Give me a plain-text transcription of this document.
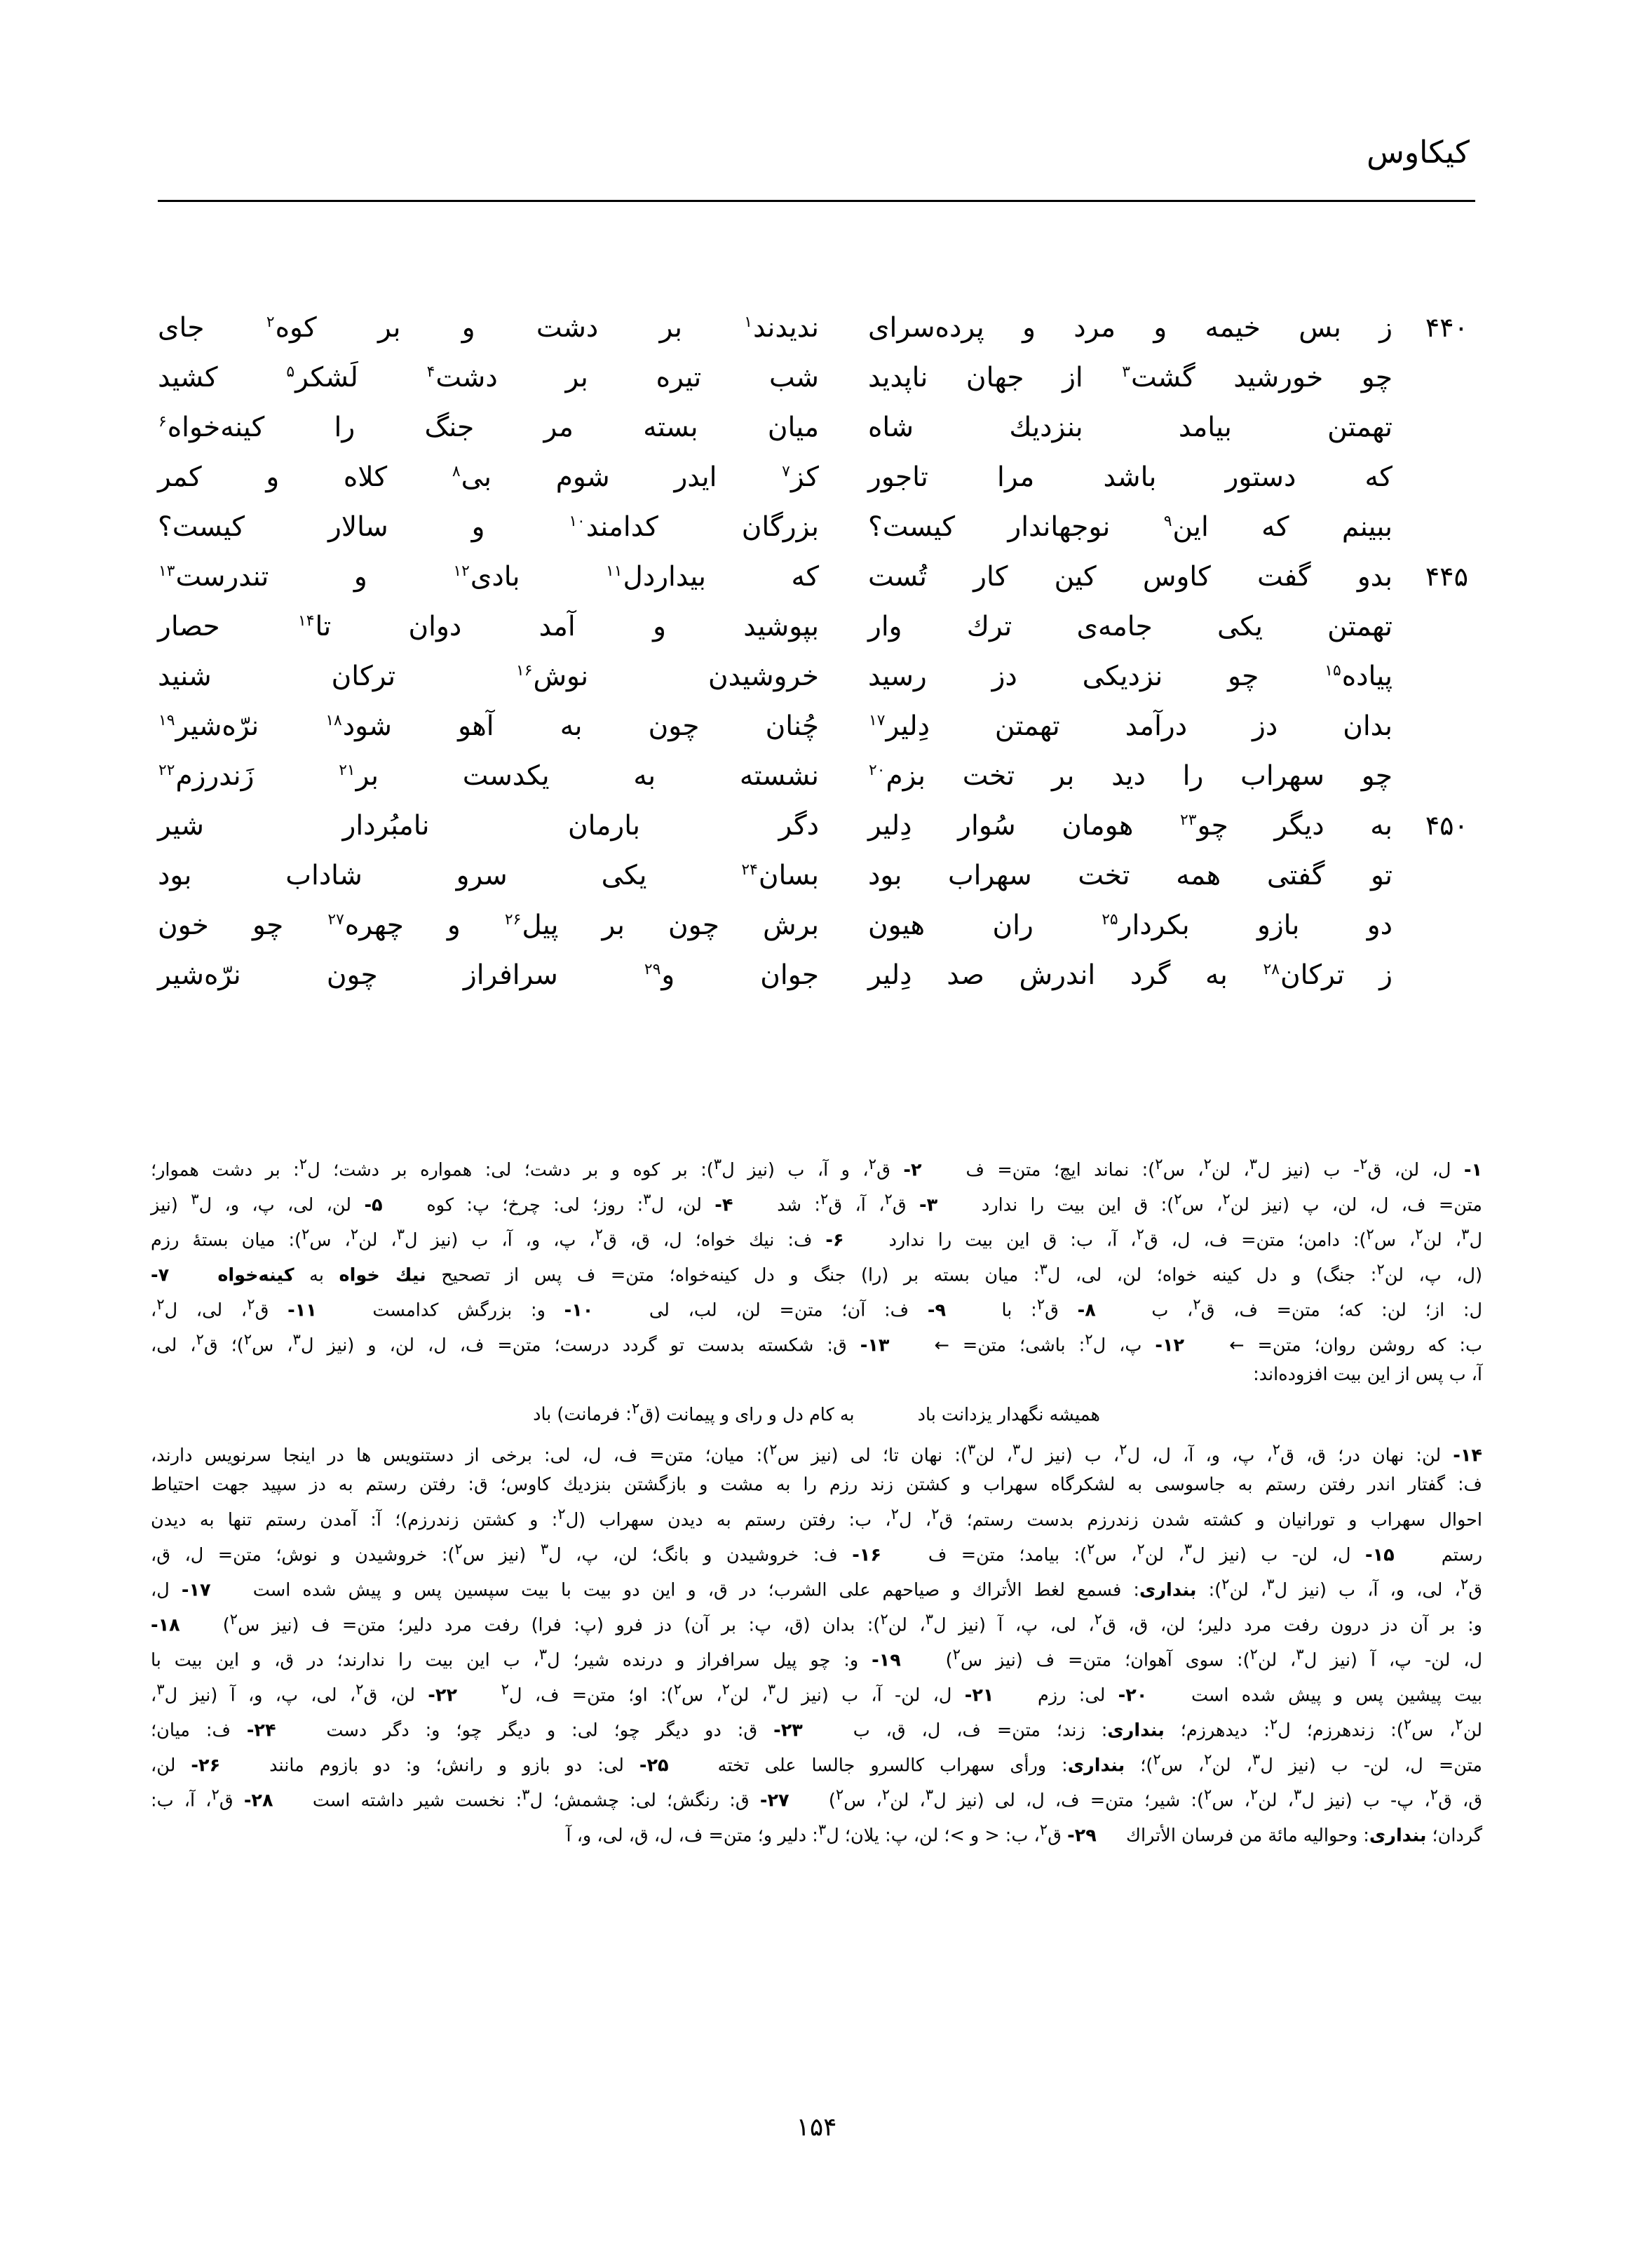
کیکاوس
۴۴۰
ز بس خیمه و مرد و پرده‌سرای
ندیدند$^۱$ بر دشت و بر کوه$^۲$ جای
چو خورشید گشت$^۳$ از جهان ناپدید
شب تیره بر دشت$^۴$ لَشکر$^۵$ کشید
تهمتن بیامد بنزدیك شاه
میان بسته مر جنگ را کینه‌خواه$^۶$
که دستور باشد مرا تاجور
کز$^۷$ ایدر شوم بی$^۸$ کلاه و کمر
ببینم که این$^۹$ نوجهاندار کیست؟
بزرگان کدامند$^{۱۰}$ و سالار کیست؟
۴۴۵
بدو گفت کاوس کین کار تُست
که بیداردل$^{۱۱}$ بادی$^{۱۲}$ و تندرست$^{۱۳}$
تهمتن یکی جامه‌ی ترك وار
بپوشید و آمد دوان تا$^{۱۴}$ حصار
پیاده$^{۱۵}$ چو نزدیکی دز رسید
خروشیدن نوش$^{۱۶}$ ترکان شنید
بدان دز درآمد تهمتن دِلیر$^{۱۷}$
چُنان چون به آهو شود$^{۱۸}$ نرّه‌شیر$^{۱۹}$
چو سهراب را دید بر تخت بزم$^{۲۰}$
نشسته به یکدست بر$^{۲۱}$ زَندرزم$^{۲۲}$
۴۵۰
به دیگر چو$^{۲۳}$ هومان سُوار دِلیر
دگر بارمان نامبُردار شیر
تو گفتی همه تخت سهراب بود
بسان$^{۲۴}$ یکی سرو شاداب بود
دو بازو بکردار$^{۲۵}$ ران هیون
برش چون بر پیل$^{۲۶}$ و چهره$^{۲۷}$ چو خون
ز ترکان$^{۲۸}$ به گرد اندرش صد دِلیر
جوان و$^{۲۹}$ سرافراز چون نرّه‌شیر
۱- ل، لن، ق$^۲$- ب (نیز ل$^۳$، لن$^۲$، س$^۲$): نماند ایچ؛ متن= ف  ۲- ق$^۲$، و آ، ب (نیز ل$^۳$): بر کوه و بر دشت؛ لی: همواره بر دشت؛ ل$^۲$: بر دشت هموار؛
متن= ف، ل، لن، پ (نیز لن$^۲$، س$^۲$): ق این بیت را ندارد  ۳- ق$^۲$، آ، ق$^۲$: شد  ۴- لن، ل$^۳$: روز؛ لی: چرخ؛ پ: کوه  ۵- لن، لی، پ، و، ل$^۳$ (نیز
ل$^۳$، لن$^۲$، س$^۲$): دامن؛ متن= ف، ل، ق$^۲$، آ، ب: ق این بیت را ندارد  ۶- ف: نیك خواه؛ ل، ق، ق$^۲$، پ، و، آ، ب (نیز ل$^۳$، لن$^۲$، س$^۲$): میان بستهٔ رزم
(ل، پ، لن$^۲$: جنگ) و دل کینه خواه؛ لن، لی، ل$^۳$: میان بسته بر (را) جنگ و دل کینه‌خواه؛ متن= ف پس از تصحیح نیك خواه به کینه‌خواه  ۷-
ل: از؛ لن: که؛ متن= ف، ق$^۲$، ب  ۸- ق$^۲$: با  ۹- ف: آن؛ متن= لن، لب، لی  ۱۰- و: بزرگش کدامست  ۱۱- ق$^۲$، لی، ل$^۲$،
ب: که روشن روان؛ متن= ←  ۱۲- پ، ل$^۲$: باشی؛ متن= ←  ۱۳- ق: شکسته بدست تو گردد درست؛ متن= ف، ل، لن، و (نیز ل$^۳$، س$^۲$)؛ ق$^۲$، لی،
آ، ب پس از این بیت افزوده‌اند:
همیشه نگهدار یزدانت بادبه کام دل و رای و پیمانت (ق$^۲$: فرمانت) باد
۱۴- لن: نهان در؛ ق، ق$^۲$، پ، و، آ، ل، ل$^۲$، ب (نیز ل$^۳$، لن$^۳$): نهان تا؛ لی (نیز س$^۲$): میان؛ متن= ف، ل، لی: برخی از دستنویس ها در اینجا سرنویس دارند،
ف: گفتار اندر رفتن رستم به جاسوسی به لشکرگاه سهراب و کشتن زند رزم را به مشت و بازگشتن بنزدیك کاوس؛ ق: رفتن رستم به دز سپید جهت احتیاط
احوال سهراب و تورانیان و کشته شدن زندرزم بدست رستم؛ ق$^۲$، ل$^۲$، ب: رفتن رستم به دیدن سهراب (ل$^۲$: و کشتن زندرزم)؛ آ: آمدن رستم تنها به دیدن
رستم  ۱۵- ل، لن- ب (نیز ل$^۳$، لن$^۲$، س$^۲$): بیامد؛ متن= ف  ۱۶- ف: خروشیدن و بانگ؛ لن، پ، ل$^۳$ (نیز س$^۲$): خروشیدن و نوش؛ متن= ل، ق،
ق$^۲$، لی، و، آ، ب (نیز ل$^۳$، لن$^۲$): بنداری: فسمع لغط الأتراك و صیاحهم علی الشرب؛ در ق، و این دو بیت با بیت سپسین پس و پیش شده است  ۱۷- ل،
و: بر آن دز درون رفت مرد دلیر؛ لن، ق، ق$^۲$، لی، پ، آ (نیز ل$^۳$، لن$^۲$): بدان (ق، پ: بر آن) دز فرو (پ: فرا) رفت مرد دلیر؛ متن= ف (نیز س$^۲$)  ۱۸-
ل، لن- پ، آ (نیز ل$^۳$، لن$^۲$): سوی آهوان؛ متن= ف (نیز س$^۲$)  ۱۹- و: چو پیل سرافراز و درنده شیر؛ ل$^۳$، ب این بیت را ندارند؛ در ق، و این بیت با
بیت پیشین پس و پیش شده است  ۲۰- لی: رزم  ۲۱- ل، لن- آ، ب (نیز ل$^۳$، لن$^۲$، س$^۲$): او؛ متن= ف، ل$^۲$  ۲۲- لن، ق$^۲$، لی، پ، و، آ (نیز ل$^۳$،
لن$^۲$، س$^۲$): زندهرزم؛ ل$^۲$: دیدهرزم؛ بنداری: زند؛ متن= ف، ل، ق، ب  ۲۳- ق: دو دیگر چو؛ لی: و دیگر چو؛ و: دگر دست  ۲۴- ف: میان؛
متن= ل، لن- ب (نیز ل$^۳$، لن$^۲$، س$^۲$)؛ بنداری: ورأی سهراب کالسرو جالسا علی تخته  ۲۵- لی: دو بازو و رانش؛ و: دو بازوم مانند  ۲۶- لن،
ق، ق$^۲$، پ- ب (نیز ل$^۳$، لن$^۲$، س$^۲$): شیر؛ متن= ف، ل، لی (نیز ل$^۳$، لن$^۲$، س$^۲$)  ۲۷- ق: رنگش؛ لی: چشمش؛ ل$^۳$: نخست شیر داشته است  ۲۸- ق$^۲$، آ، ب:
گردان؛ بنداری: وحوالیه مائة من فرسان الأتراك  ۲۹- ق$^۲$، ب: < و >؛ لن، پ: یلان؛ ل$^۳$: دلیر و؛ متن= ف، ل، ق، لی، و، آ
۱۵۴
